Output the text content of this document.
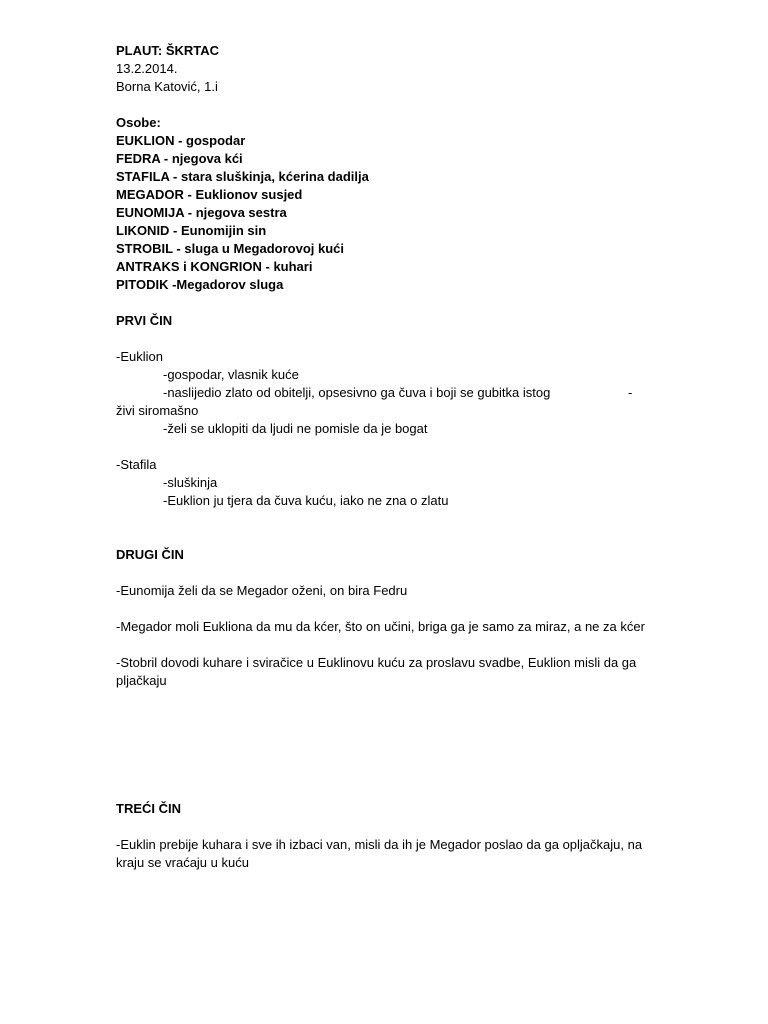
PLAUT: ŠKRTAC
13.2.2014.
Borna Katović, 1.i
Osobe:
EUKLION - gospodar
FEDRA - njegova kći
STAFILA - stara sluškinja, kćerina dadilja
MEGADOR - Euklionov susjed
EUNOMIJA - njegova sestra
LIKONID - Eunomijin sin
STROBIL - sluga u Megadorovoj kući
ANTRAKS i KONGRION - kuhari
PITODIK -Megadorov sluga
PRVI ČIN
-Euklion
-gospodar, vlasnik kuće
-naslijedio zlato od obitelji, opsesivno ga čuva i boji se gubitka istog	-
živi siromašno
-želi se uklopiti da ljudi ne pomisle da je bogat
-Stafila
-sluškinja
-Euklion ju tjera da čuva kuću, iako ne zna o zlatu
DRUGI ČIN
-Eunomija želi da se Megador oženi, on bira Fedru
-Megador moli Eukliona da mu da kćer, što on učini, briga ga je samo za miraz, a ne za kćer
-Stobril dovodi kuhare i sviračice u Euklinovu kuću za proslavu svadbe, Euklion misli da ga pljačkaju
TREĆI ČIN
-Euklin prebije kuhara i sve ih izbaci van, misli da ih je Megador poslao da ga opljačkaju, na kraju se vraćaju u kuću
